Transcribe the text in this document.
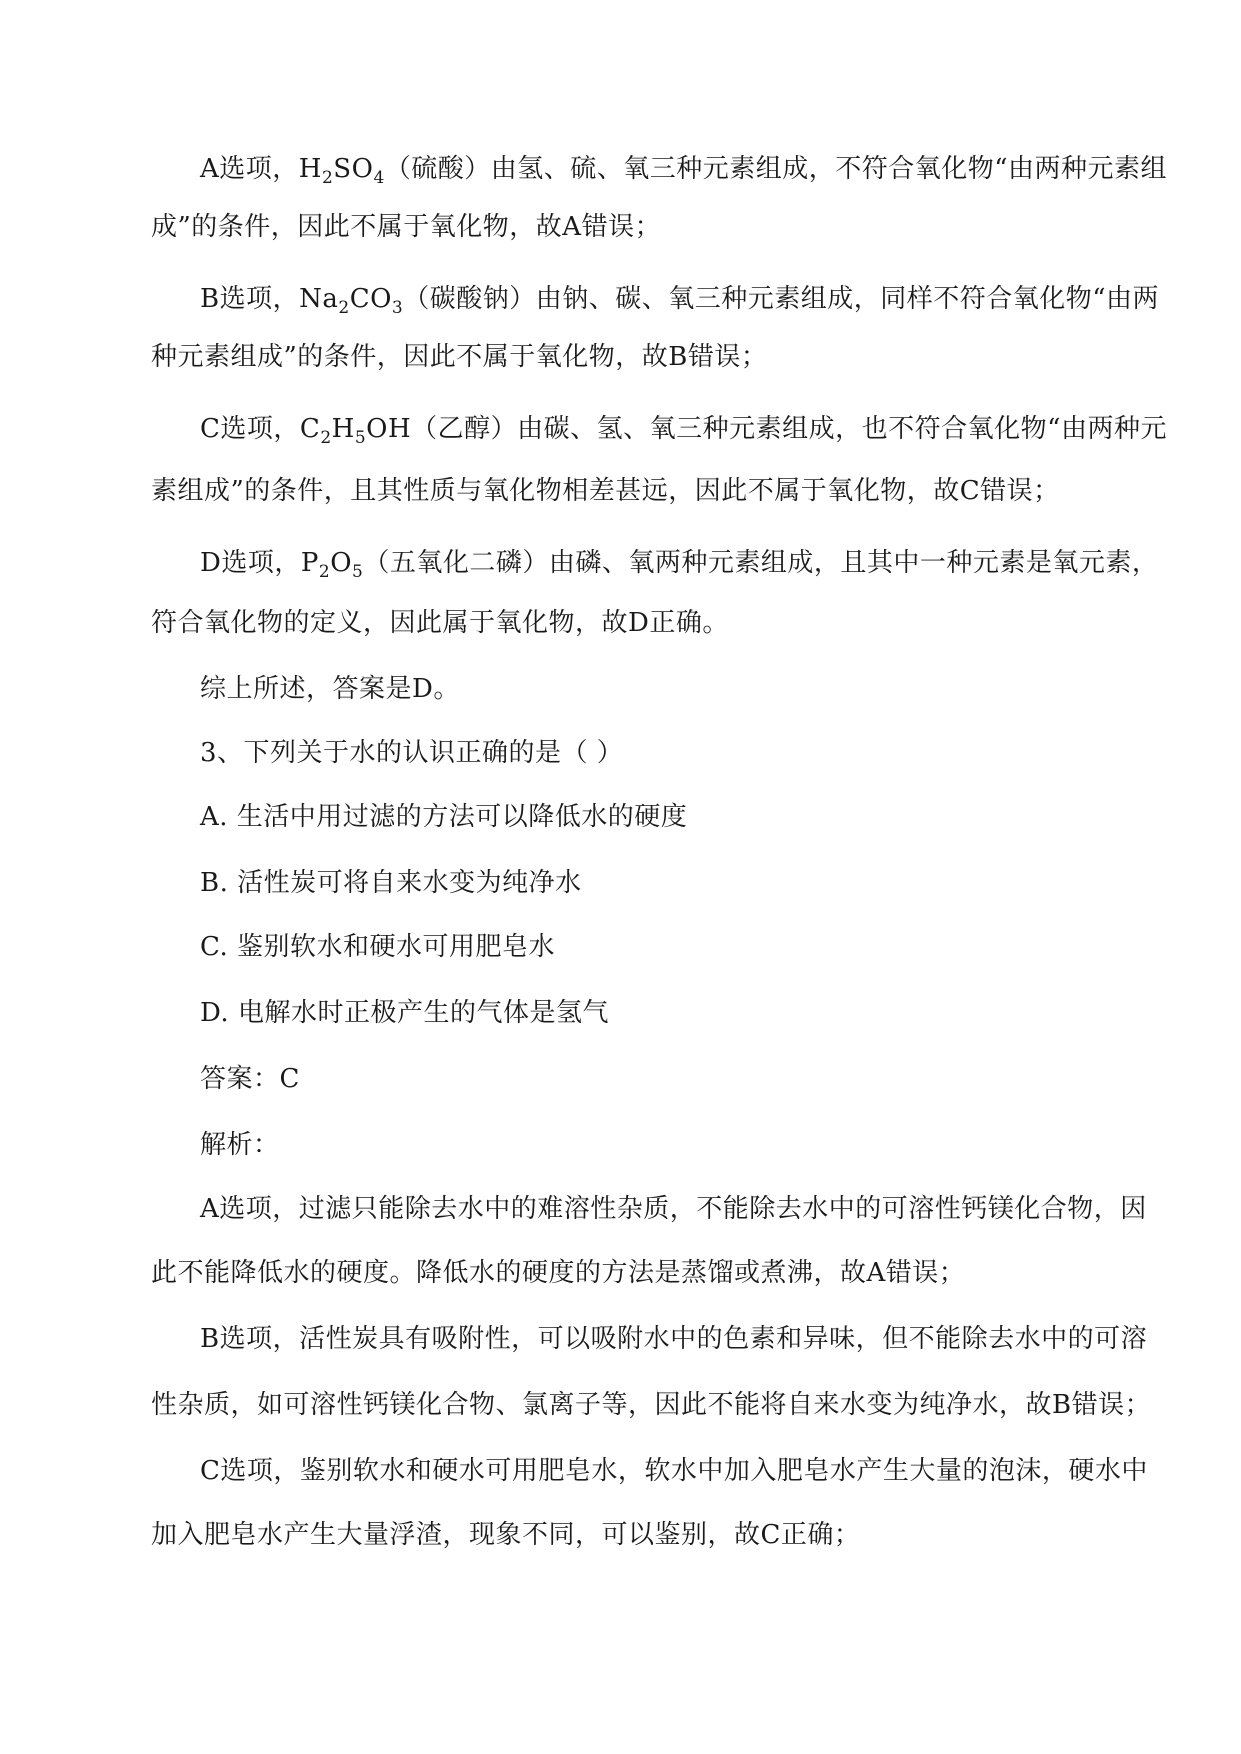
A选项，$H_2SO_4$（硫酸）由氢、硫、氧三种元素组成，不符合氧化物“由两种元素组
成”的条件，因此不属于氧化物，故A错误；
B选项，$Na_2CO_3$（碳酸钠）由钠、碳、氧三种元素组成，同样不符合氧化物“由两
种元素组成”的条件，因此不属于氧化物，故B错误；
C选项，$C_2H_5OH$（乙醇）由碳、氢、氧三种元素组成，也不符合氧化物“由两种元
素组成”的条件，且其性质与氧化物相差甚远，因此不属于氧化物，故C错误；
D选项，$P_2O_5$（五氧化二磷）由磷、氧两种元素组成，且其中一种元素是氧元素，
符合氧化物的定义，因此属于氧化物，故D正确。
综上所述，答案是D。
3、下列关于水的认识正确的是（ ）
A. 生活中用过滤的方法可以降低水的硬度
B. 活性炭可将自来水变为纯净水
C. 鉴别软水和硬水可用肥皂水
D. 电解水时正极产生的气体是氢气
答案：C
解析：
A选项，过滤只能除去水中的难溶性杂质，不能除去水中的可溶性钙镁化合物，因
此不能降低水的硬度。降低水的硬度的方法是蒸馏或煮沸，故A错误；
B选项，活性炭具有吸附性，可以吸附水中的色素和异味，但不能除去水中的可溶
性杂质，如可溶性钙镁化合物、氯离子等，因此不能将自来水变为纯净水，故B错误；
C选项，鉴别软水和硬水可用肥皂水，软水中加入肥皂水产生大量的泡沫，硬水中
加入肥皂水产生大量浮渣，现象不同，可以鉴别，故C正确；
